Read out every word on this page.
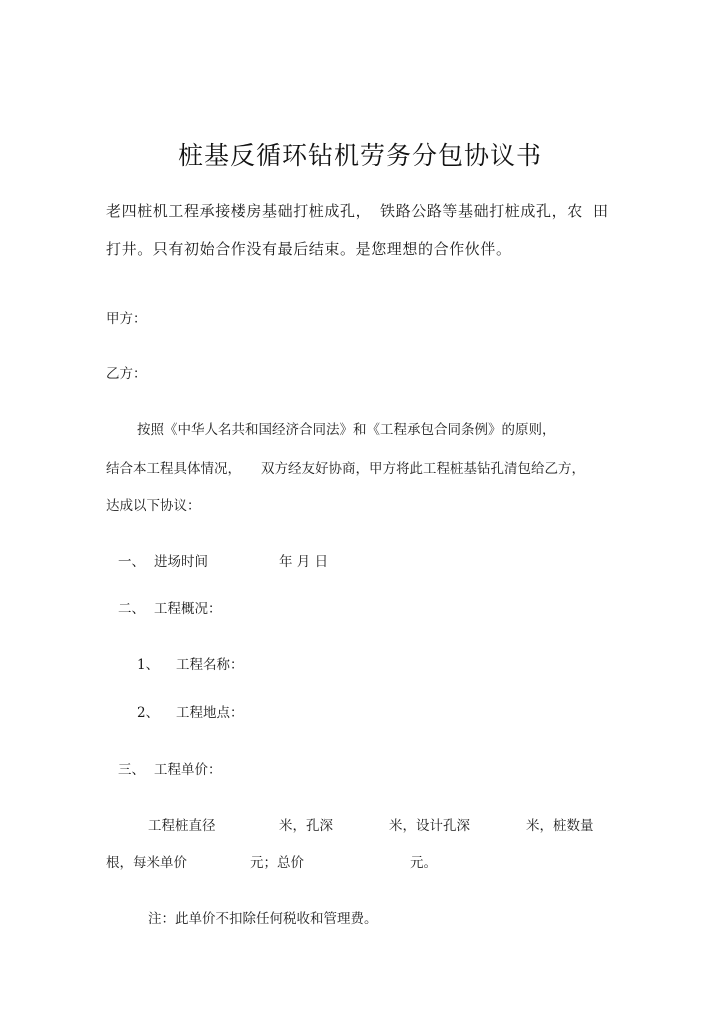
桩基反循环钻机劳务分包协议书
老四桩机工程承接楼房基础打桩成孔， 铁路公路等基础打桩成孔，农 田
打井。只有初始合作没有最后结束。是您理想的合作伙伴。
甲方：
乙方：
按照《中华人名共和国经济合同法》和《工程承包合同条例》的原则，
结合本工程具体情况， 双方经友好协商，甲方将此工程桩基钻孔清包给乙方，
达成以下协议：
一、 进场时间	年 月 日
二、 工程概况：
1、 工程名称：
2、 工程地点：
三、 工程单价：
工程桩直径	米，孔深	米，设计孔深	米，桩数量
根，每米单价	元；总价	元。
注：此单价不扣除任何税收和管理费。
